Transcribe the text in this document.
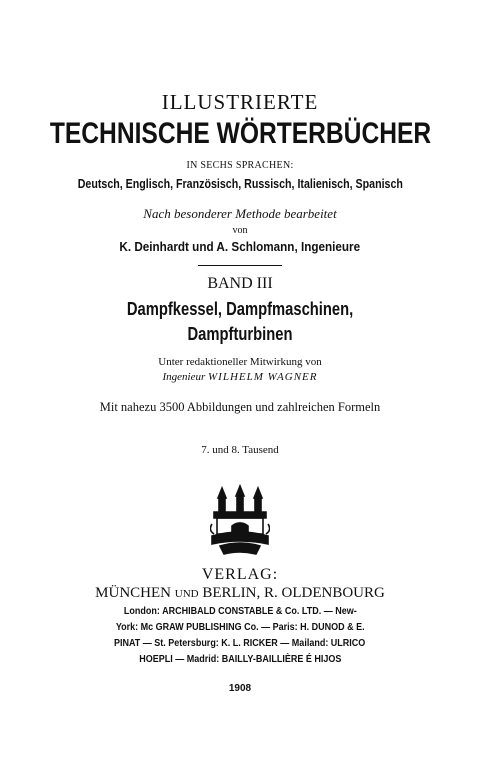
ILLUSTRIERTE
TECHNISCHE WÖRTERBÜCHER
IN SECHS SPRACHEN:
Deutsch, Englisch, Französisch, Russisch, Italienisch, Spanisch
Nach besonderer Methode bearbeitet
von
K. Deinhardt und A. Schlomann, Ingenieure
BAND III
Dampfkessel, Dampfmaschinen,
Dampfturbinen
Unter redaktioneller Mitwirkung von
Ingenieur WILHELM WAGNER
Mit nahezu 3500 Abbildungen und zahlreichen Formeln
7. und 8. Tausend
VERLAG:
MÜNCHEN UND BERLIN, R. OLDENBOURG
London: ARCHIBALD CONSTABLE & Co. LTD. — New-
York: Mc GRAW PUBLISHING Co. — Paris: H. DUNOD & E.
PINAT — St. Petersburg: K. L. RICKER — Mailand: ULRICO
HOEPLI — Madrid: BAILLY-BAILLIÈRE É HIJOS
1908
